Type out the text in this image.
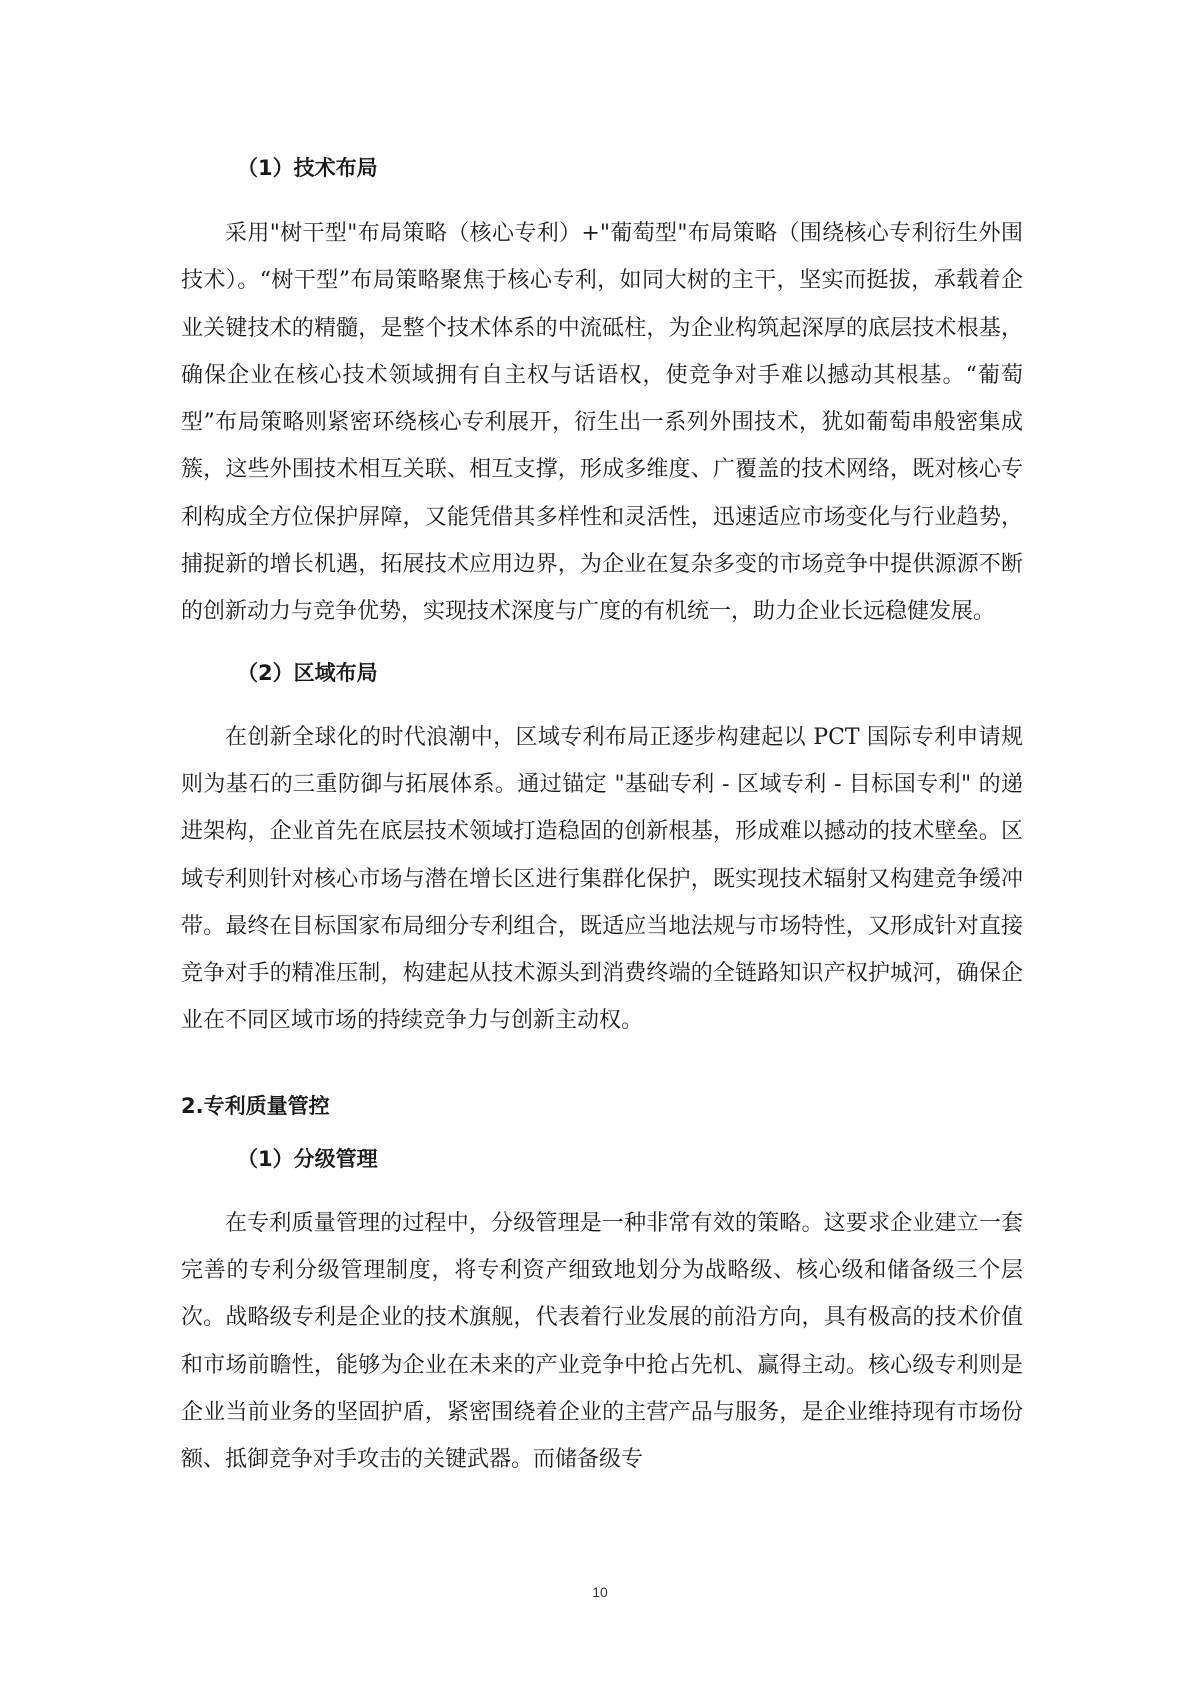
（1）技术布局

采用"树干型"布局策略（核心专利）+"葡萄型"布局策略（围绕核心专利衍生外围技术）。“树干型”布局策略聚焦于核心专利，如同大树的主干，坚实而挺拔，承载着企业关键技术的精髓，是整个技术体系的中流砥柱，为企业构筑起深厚的底层技术根基，确保企业在核心技术领域拥有自主权与话语权，使竞争对手难以撼动其根基。“葡萄型”布局策略则紧密环绕核心专利展开，衍生出一系列外围技术，犹如葡萄串般密集成簇，这些外围技术相互关联、相互支撑，形成多维度、广覆盖的技术网络，既对核心专利构成全方位保护屏障，又能凭借其多样性和灵活性，迅速适应市场变化与行业趋势，捕捉新的增长机遇，拓展技术应用边界，为企业在复杂多变的市场竞争中提供源源不断的创新动力与竞争优势，实现技术深度与广度的有机统一，助力企业长远稳健发展。

（2）区域布局

在创新全球化的时代浪潮中，区域专利布局正逐步构建起以 PCT 国际专利申请规则为基石的三重防御与拓展体系。通过锚定 "基础专利 - 区域专利 - 目标国专利" 的递进架构，企业首先在底层技术领域打造稳固的创新根基，形成难以撼动的技术壁垒。区域专利则针对核心市场与潜在增长区进行集群化保护，既实现技术辐射又构建竞争缓冲带。最终在目标国家布局细分专利组合，既适应当地法规与市场特性，又形成针对直接竞争对手的精准压制，构建起从技术源头到消费终端的全链路知识产权护城河，确保企业在不同区域市场的持续竞争力与创新主动权。

2.专利质量管控
（1）分级管理

在专利质量管理的过程中，分级管理是一种非常有效的策略。这要求企业建立一套完善的专利分级管理制度，将专利资产细致地划分为战略级、核心级和储备级三个层次。战略级专利是企业的技术旗舰，代表着行业发展的前沿方向，具有极高的技术价值和市场前瞻性，能够为企业在未来的产业竞争中抢占先机、赢得主动。核心级专利则是企业当前业务的坚固护盾，紧密围绕着企业的主营产品与服务，是企业维持现有市场份额、抵御竞争对手攻击的关键武器。而储备级专

10
